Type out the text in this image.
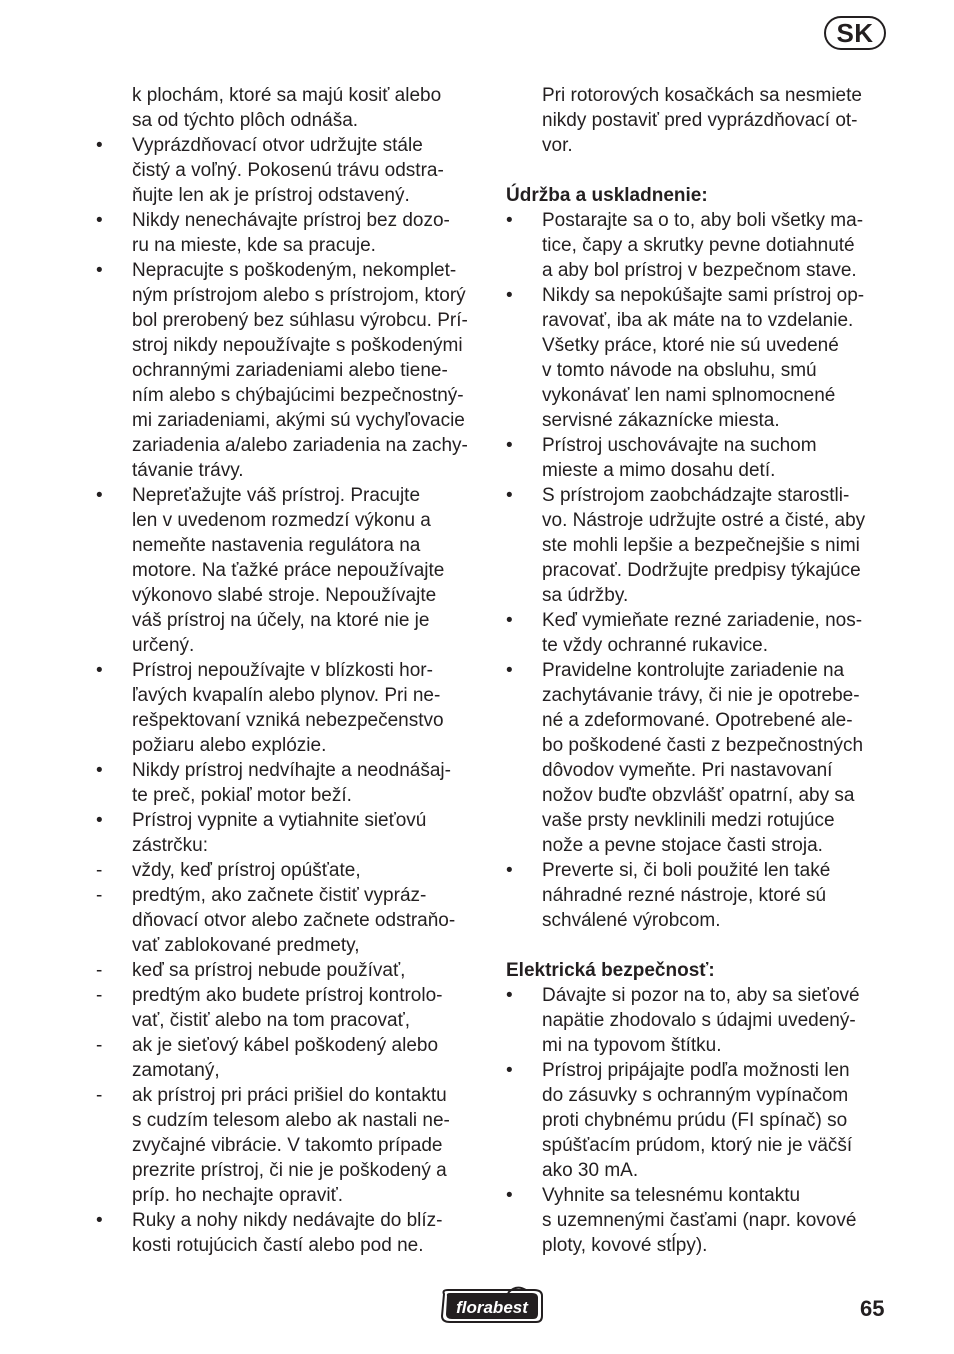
SK
k plochám, ktoré sa majú kosiť alebo
sa od týchto plôch odnáša.
• Vyprázdňovací otvor udržujte stále
čistý a voľný. Pokosenú trávu odstra-
ňujte len ak je prístroj odstavený.
• Nikdy nenechávajte prístroj bez dozo-
ru na mieste, kde sa pracuje.
• Nepracujte s poškodeným, nekomplet-
ným prístrojom alebo s prístrojom, ktorý
bol prerobený bez súhlasu výrobcu. Prí-
stroj nikdy nepoužívajte s poškodenými
ochrannými zariadeniami alebo tiene-
ním alebo s chýbajúcimi bezpečnostný-
mi zariadeniami, akými sú vychyľovacie
zariadenia a/alebo zariadenia na zachy-
távanie trávy.
• Nepreťažujte váš prístroj. Pracujte
len v uvedenom rozmedzí výkonu a
nemeňte nastavenia regulátora na
motore. Na ťažké práce nepoužívajte
výkonovo slabé stroje. Nepoužívajte
váš prístroj na účely, na ktoré nie je
určený.
• Prístroj nepoužívajte v blízkosti hor-
ľavých kvapalín alebo plynov. Pri ne-
rešpektovaní vzniká nebezpečenstvo
požiaru alebo explózie.
• Nikdy prístroj nedvíhajte a neodnášaj-
te preč, pokiaľ motor beží.
• Prístroj vypnite a vytiahnite sieťovú
zástrčku:
- vždy, keď prístroj opúšťate,
- predtým, ako začnete čistiť vypráz-
dňovací otvor alebo začnete odstraňo-
vať zablokované predmety,
- keď sa prístroj nebude používať,
- predtým ako budete prístroj kontrolo-
vať, čistiť alebo na tom pracovať,
- ak je sieťový kábel poškodený alebo
zamotaný,
- ak prístroj pri práci prišiel do kontaktu
s cudzím telesom alebo ak nastali ne-
zvyčajné vibrácie. V takomto prípade
prezrite prístroj, či nie je poškodený a
príp. ho nechajte opraviť.
• Ruky a nohy nikdy nedávajte do blíz-
kosti rotujúcich častí alebo pod ne.
Pri rotorových kosačkách sa nesmiete
nikdy postaviť pred vyprázdňovací ot-
vor.
Údržba a uskladnenie:
• Postarajte sa o to, aby boli všetky ma-
tice, čapy a skrutky pevne dotiahnuté
a aby bol prístroj v bezpečnom stave.
• Nikdy sa nepokúšajte sami prístroj op-
ravovať, iba ak máte na to vzdelanie.
Všetky práce, ktoré nie sú uvedené
v tomto návode na obsluhu, smú
vykonávať len nami splnomocnené
servisné zákaznícke miesta.
• Prístroj uschovávajte na suchom
mieste a mimo dosahu detí.
• S prístrojom zaobchádzajte starostli-
vo. Nástroje udržujte ostré a čisté, aby
ste mohli lepšie a bezpečnejšie s nimi
pracovať. Dodržujte predpisy týkajúce
sa údržby.
• Keď vymieňate rezné zariadenie, nos-
te vždy ochranné rukavice.
• Pravidelne kontrolujte zariadenie na
zachytávanie trávy, či nie je opotrebe-
né a zdeformované. Opotrebené ale-
bo poškodené časti z bezpečnostných
dôvodov vymeňte. Pri nastavovaní
nožov buďte obzvlášť opatrní, aby sa
vaše prsty nevklinili medzi rotujúce
nože a pevne stojace časti stroja.
• Preverte si, či boli použité len také
náhradné rezné nástroje, ktoré sú
schválené výrobcom.
Elektrická bezpečnosť:
• Dávajte si pozor na to, aby sa sieťové
napätie zhodovalo s údajmi uvedený-
mi na typovom štítku.
• Prístroj pripájajte podľa možnosti len
do zásuvky s ochranným vypínačom
proti chybnému prúdu (FI spínač) so
spúšťacím prúdom, ktorý nie je väčší
ako 30 mA.
• Vyhnite sa telesnému kontaktu
s uzemnenými časťami (napr. kovové
ploty, kovové stĺpy).
florabest	65
